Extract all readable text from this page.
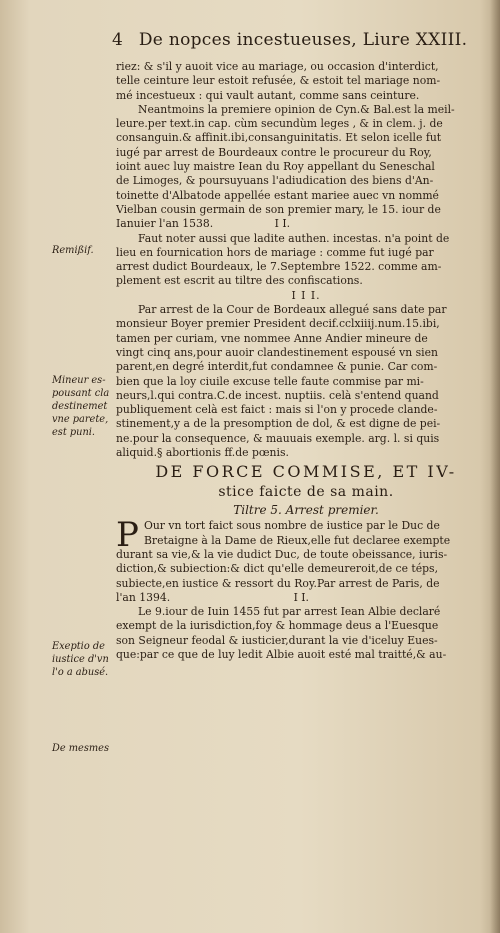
4 De nopces incestueuses, Liure XXIII.
Remißif.
Mineur es-
pousant cla
destinemet
vne parete,
est puni.
Exeptio de
iustice d'vn
l'o a abusé.
De mesmes
riez: & s'il y auoit vice au mariage, ou occasion d'interdict,
telle ceinture leur estoit refusée, & estoit tel mariage nom-
mé incestueux : qui vault autant, comme sans ceinture.
Neantmoins la premiere opinion de Cyn.& Bal.est la meil-
leure.per text.in cap. cùm secundùm leges , & in clem. j. de
consanguin.& affinit.ibi,consanguinitatis. Et selon icelle fut
iugé par arrest de Bourdeaux contre le procureur du Roy,
ioint auec luy maistre Iean du Roy appellant du Seneschal
de Limoges, & poursuyuans l'adiudication des biens d'An-
toinette d'Albatode appellée estant mariee auec vn nommé
Vielban cousin germain de son premier mary, le 15. iour de
Ianuier l'an 1538.	I I.
Faut noter aussi que ladite authen. incestas. n'a point de
lieu en fournication hors de mariage : comme fut iugé par
arrest dudict Bourdeaux, le 7.Septembre 1522. comme am-
plement est escrit au tiltre des confiscations.
I I I.
Par arrest de la Cour de Bordeaux allegué sans date par
monsieur Boyer premier President decif.cclxiiij.num.15.ibi,
tamen per curiam, vne nommee Anne Andier mineure de
vingt cinq ans,pour auoir clandestinement espousé vn sien
parent,en degré interdit,fut condamnee & punie. Car com-
bien que la loy ciuile excuse telle faute commise par mi-
neurs,l.qui contra.C.de incest. nuptiis. celà s'entend quand
publiquement celà est faict : mais si l'on y procede clande-
stinement,y a de la presomption de dol, & est digne de pei-
ne.pour la consequence, & mauuais exemple. arg. l. si quis
aliquid.§ abortionis ff.de pœnis.
DE FORCE COMMISE, ET IV-
stice faicte de sa main.
Tiltre 5. Arrest premier.
P Our vn tort faict sous nombre de iustice par le Duc de
Bretaigne à la Dame de Rieux,elle fut declaree exempte
durant sa vie,& la vie dudict Duc, de toute obeissance, iuris-
diction,& subiection:& dict qu'elle demeureroit,de ce téps,
subiecte,en iustice & ressort du Roy.Par arrest de Paris, de
l'an 1394.	I I.
Le 9.iour de Iuin 1455 fut par arrest Iean Albie declaré
exempt de la iurisdiction,foy & hommage deus a l'Euesque
son Seigneur feodal & iusticier,durant la vie d'iceluy Eues-
que:par ce que de luy ledit Albie auoit esté mal traitté,& au-
